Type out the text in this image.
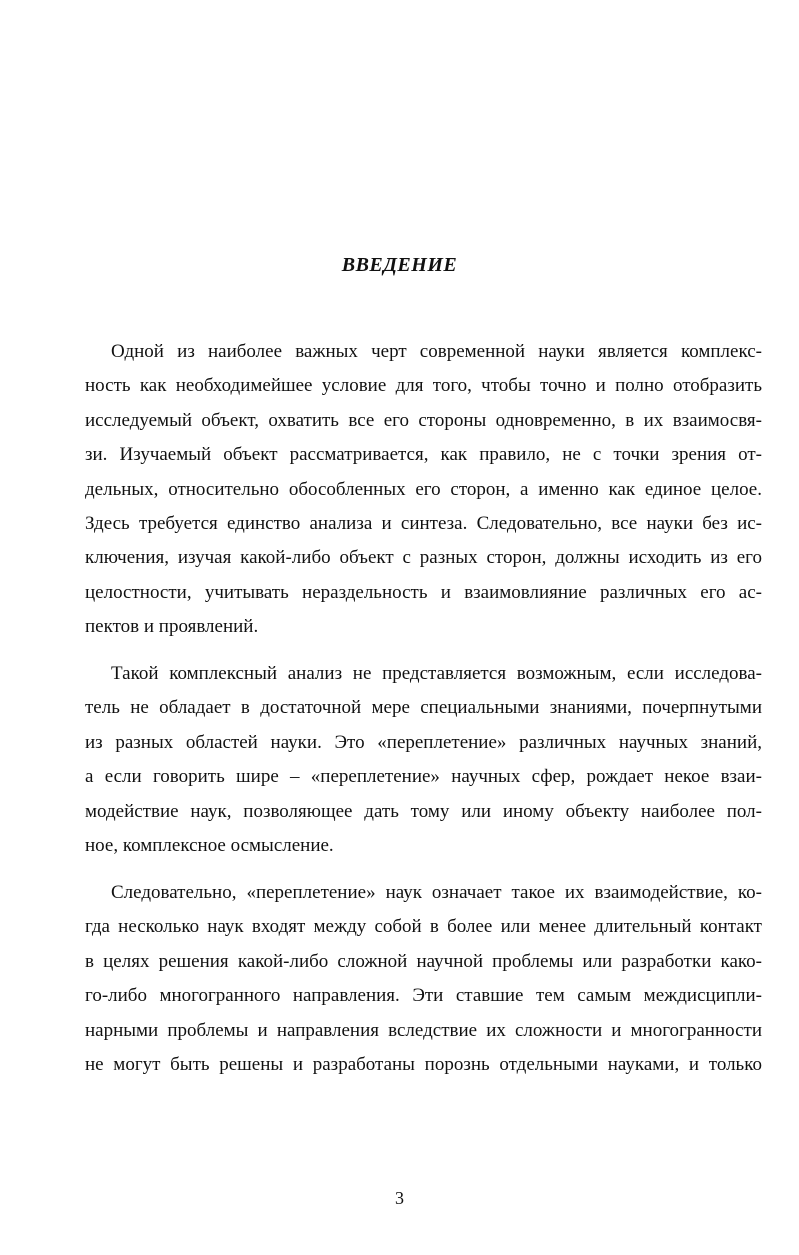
ВВЕДЕНИЕ
Одной из наиболее важных черт современной науки является комплекс-
ность как необходимейшее условие для того, чтобы точно и полно отобразить
исследуемый объект, охватить все его стороны одновременно, в их взаимосвя-
зи. Изучаемый объект рассматривается, как правило, не с точки зрения от-
дельных, относительно обособленных его сторон, а именно как единое целое.
Здесь требуется единство анализа и синтеза. Следовательно, все науки без ис-
ключения, изучая какой-либо объект с разных сторон, должны исходить из его
целостности, учитывать нераздельность и взаимовлияние различных его ас-
пектов и проявлений.
Такой комплексный анализ не представляется возможным, если исследова-
тель не обладает в достаточной мере специальными знаниями, почерпнутыми
из разных областей науки. Это «переплетение» различных научных знаний,
а если говорить шире – «переплетение» научных сфер, рождает некое взаи-
модействие наук, позволяющее дать тому или иному объекту наиболее пол-
ное, комплексное осмысление.
Следовательно, «переплетение» наук означает такое их взаимодействие, ко-
гда несколько наук входят между собой в более или менее длительный контакт
в целях решения какой-либо сложной научной проблемы или разработки како-
го-либо многогранного направления. Эти ставшие тем самым междисципли-
нарными проблемы и направления вследствие их сложности и многогранности
не могут быть решены и разработаны порознь отдельными науками, и только
3
